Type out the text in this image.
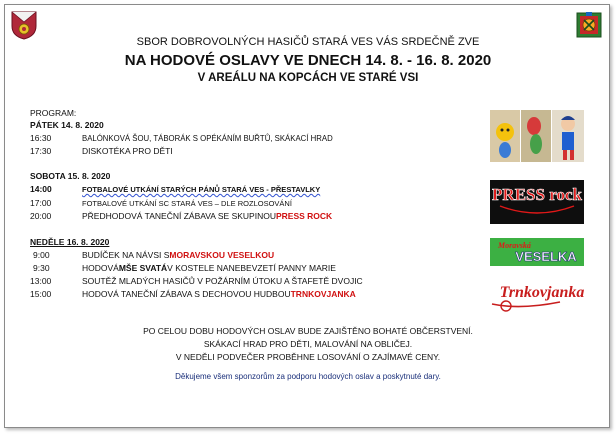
SBOR DOBROVOLNÝCH HASIČŮ STARÁ VES VÁS SRDEČNĚ ZVE
NA HODOVÉ OSLAVY VE DNECH 14. 8. - 16. 8. 2020
V AREÁLU NA KOPCÁCH VE STARÉ VSI
PROGRAM:
PÁTEK 14. 8. 2020
16:30	BALÓNKOVÁ ŠOU, TÁBORÁK S OPÉKÁNÍM BUŘTŮ, SKÁKACÍ HRAD
17:30	DISKOTÉKA PRO DĚTI
SOBOTA 15. 8. 2020
14:00	FOTBALOVÉ UTKÁNÍ STARÝCH PÁNŮ STARÁ VES - PŘESTAVLKY
17:00	FOTBALOVÉ UTKÁNÍ SC STARÁ VES – DLE ROZLOSOVÁNÍ
20:00	PŘEDHODOVÁ TANEČNÍ ZÁBAVA SE SKUPINOUPRESS ROCK
NEDĚLE 16. 8. 2020
9:00	BUDÍČEK NA NÁVSI SMORAVSKOU VESELKOU
9:30	HODOVÁMŠE SVATÁV KOSTELE NANEBEVZETÍ PANNY MARIE
13:00	SOUTĚŽ MLADÝCH HASIČŮ V POŽÁRNÍM ÚTOKU A ŠTAFETĚ DVOJIC
15:00	HODOVÁ TANEČNÍ ZÁBAVA S DECHOVOU HUDBOUTRNKOVJANKA
PO CELOU DOBU HODOVÝCH OSLAV BUDE ZAJIŠTĚNO BOHATÉ OBČERSTVENÍ.
SKÁKACÍ HRAD PRO DĚTI, MALOVÁNÍ NA OBLIČEJ.
V NEDĚLI PODVEČER PROBĚHNE LOSOVÁNÍ O ZAJÍMAVÉ CENY.
Děkujeme všem sponzorům za podporu hodových oslav a poskytnuté dary.
PRESS rock
Moravská
VESELKA
Trnkovjanka
